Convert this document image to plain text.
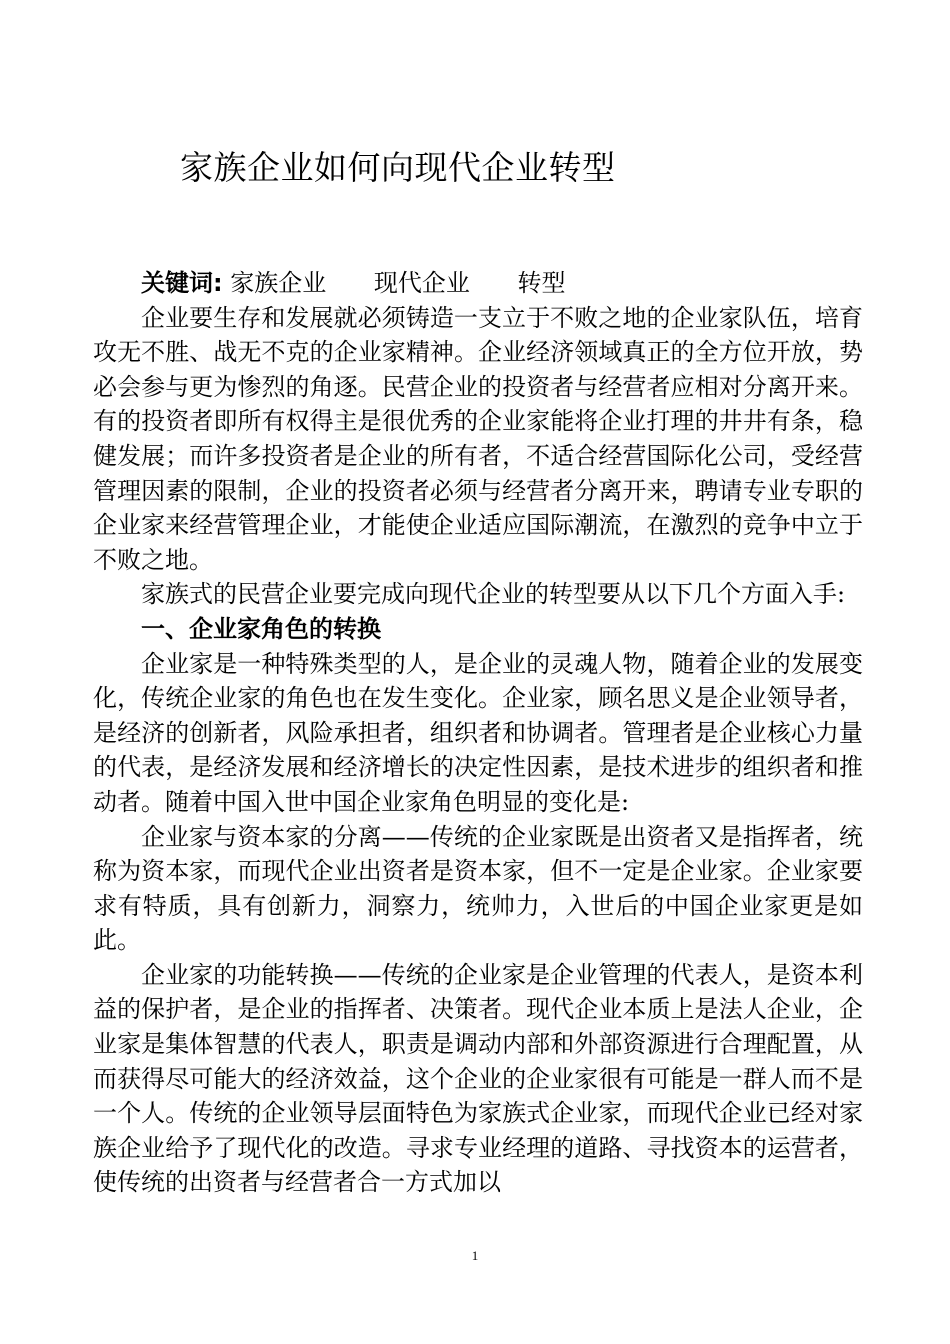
家族企业如何向现代企业转型

关键词: 家族企业 现代企业 转型

企业要生存和发展就必须铸造一支立于不败之地的企业家队伍，培育攻无不胜、战无不克的企业家精神。企业经济领域真正的全方位开放，势必会参与更为惨烈的角逐。民营企业的投资者与经营者应相对分离开来。有的投资者即所有权得主是很优秀的企业家能将企业打理的井井有条，稳健发展；而许多投资者是企业的所有者，不适合经营国际化公司，受经营管理因素的限制，企业的投资者必须与经营者分离开来，聘请专业专职的企业家来经营管理企业，才能使企业适应国际潮流，在激烈的竞争中立于不败之地。

家族式的民营企业要完成向现代企业的转型要从以下几个方面入手:

一、企业家角色的转换

企业家是一种特殊类型的人，是企业的灵魂人物，随着企业的发展变化，传统企业家的角色也在发生变化。企业家，顾名思义是企业领导者，是经济的创新者，风险承担者，组织者和协调者。管理者是企业核心力量的代表，是经济发展和经济增长的决定性因素，是技术进步的组织者和推动者。随着中国入世中国企业家角色明显的变化是:

企业家与资本家的分离——传统的企业家既是出资者又是指挥者，统称为资本家，而现代企业出资者是资本家，但不一定是企业家。企业家要求有特质，具有创新力，洞察力，统帅力，入世后的中国企业家更是如此。

企业家的功能转换——传统的企业家是企业管理的代表人，是资本利益的保护者，是企业的指挥者、决策者。现代企业本质上是法人企业，企业家是集体智慧的代表人，职责是调动内部和外部资源进行合理配置，从而获得尽可能大的经济效益，这个企业的企业家很有可能是一群人而不是一个人。传统的企业领导层面特色为家族式企业家，而现代企业已经对家族企业给予了现代化的改造。寻求专业经理的道路、寻找资本的运营者，使传统的出资者与经营者合一方式加以

1
